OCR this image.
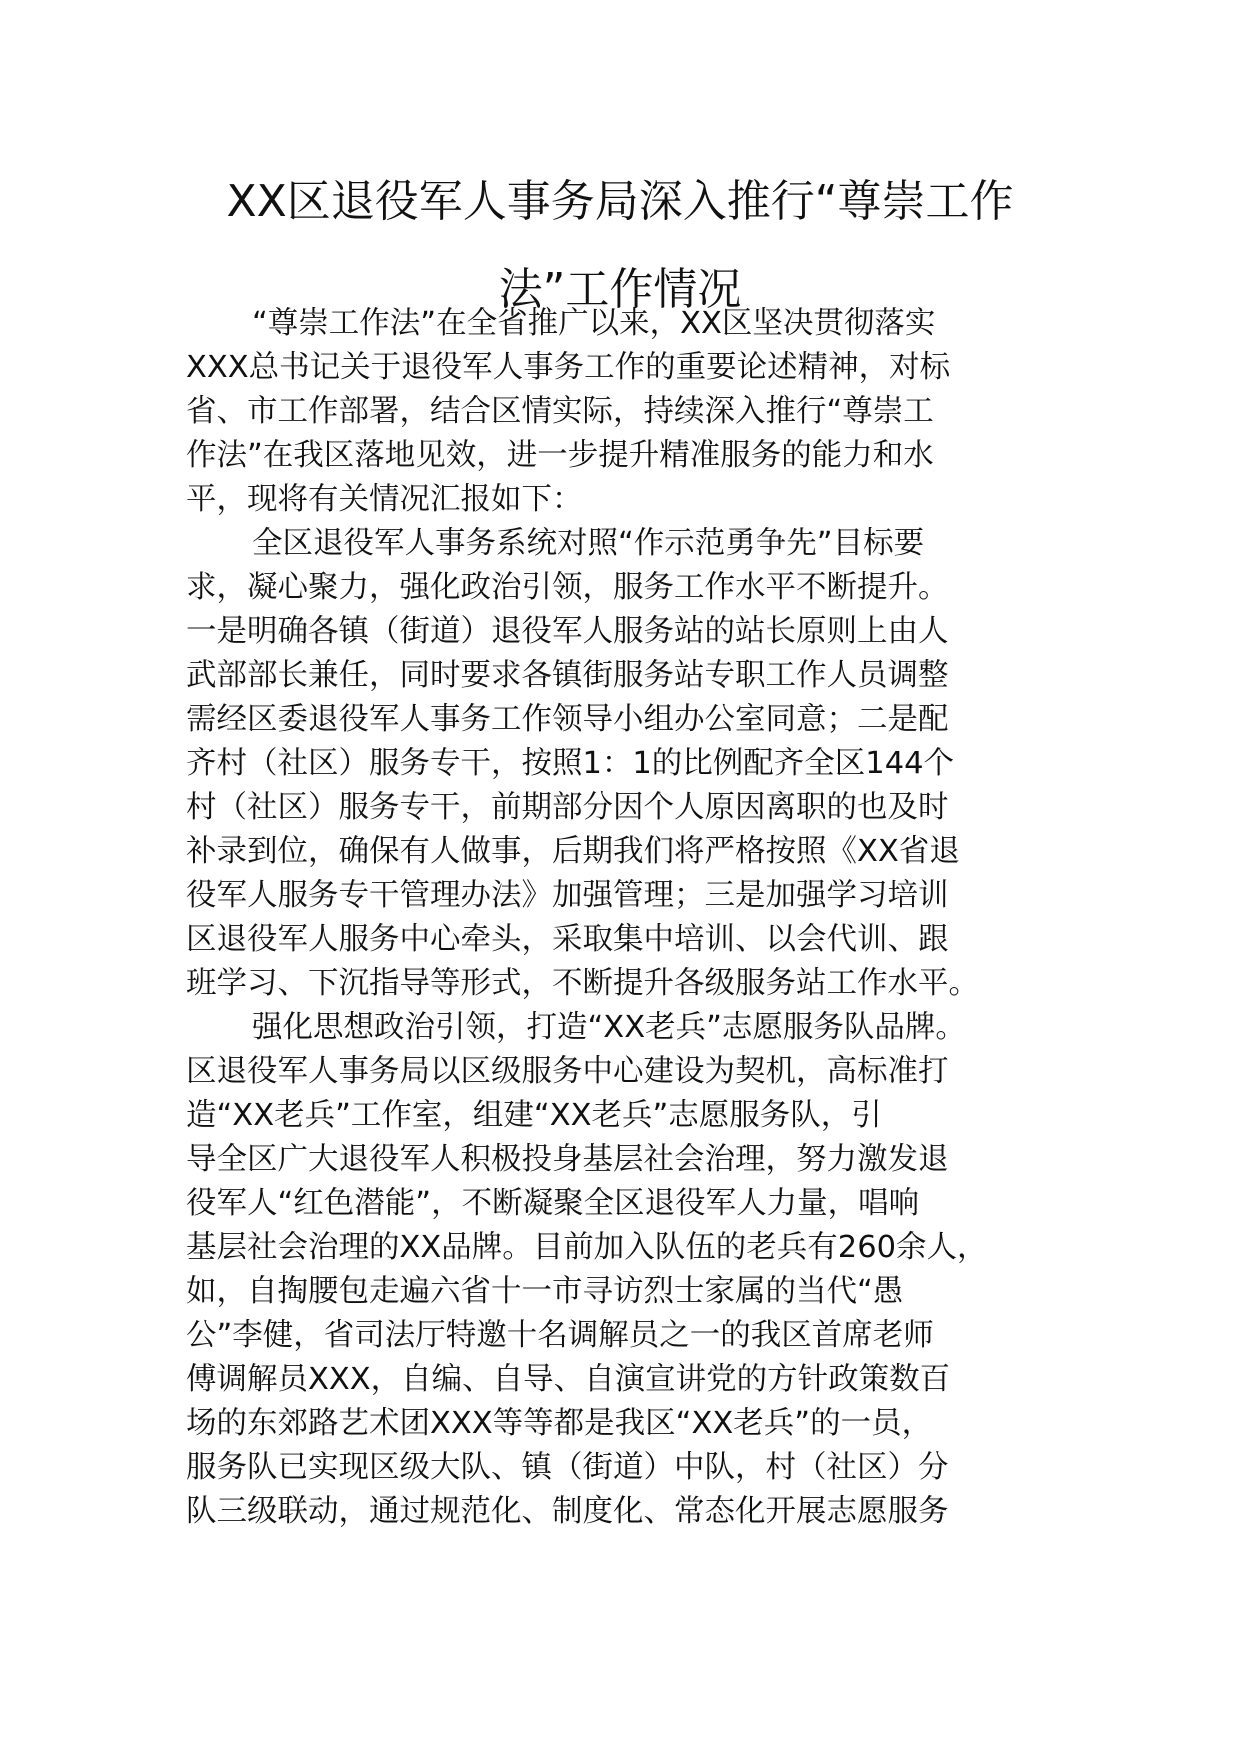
XX区退役军人事务局深入推行“尊崇工作
法”工作情况

“尊崇工作法”在全省推广以来，XX区坚决贯彻落实

XXX总书记关于退役军人事务工作的重要论述精神，对标

省、市工作部署，结合区情实际，持续深入推行“尊崇工

作法”在我区落地见效，进一步提升精准服务的能力和水

平，现将有关情况汇报如下：

全区退役军人事务系统对照“作示范勇争先”目标要

求，凝心聚力，强化政治引领，服务工作水平不断提升。

一是明确各镇（街道）退役军人服务站的站长原则上由人

武部部长兼任，同时要求各镇街服务站专职工作人员调整

需经区委退役军人事务工作领导小组办公室同意；二是配

齐村（社区）服务专干，按照1：1的比例配齐全区144个

村（社区）服务专干，前期部分因个人原因离职的也及时

补录到位，确保有人做事，后期我们将严格按照《XX省退

役军人服务专干管理办法》加强管理；三是加强学习培训

区退役军人服务中心牵头，采取集中培训、以会代训、跟

班学习、下沉指导等形式，不断提升各级服务站工作水平。

强化思想政治引领，打造“XX老兵”志愿服务队品牌。

区退役军人事务局以区级服务中心建设为契机，高标准打

造“XX老兵”工作室，组建“XX老兵”志愿服务队，引

导全区广大退役军人积极投身基层社会治理，努力激发退

役军人“红色潜能”，不断凝聚全区退役军人力量，唱响

基层社会治理的XX品牌。目前加入队伍的老兵有260余人，

如，自掏腰包走遍六省十一市寻访烈士家属的当代“愚

公”李健，省司法厅特邀十名调解员之一的我区首席老师

傅调解员XXX，自编、自导、自演宣讲党的方针政策数百

场的东郊路艺术团XXX等等都是我区“XX老兵”的一员，

服务队已实现区级大队、镇（街道）中队，村（社区）分

队三级联动，通过规范化、制度化、常态化开展志愿服务
